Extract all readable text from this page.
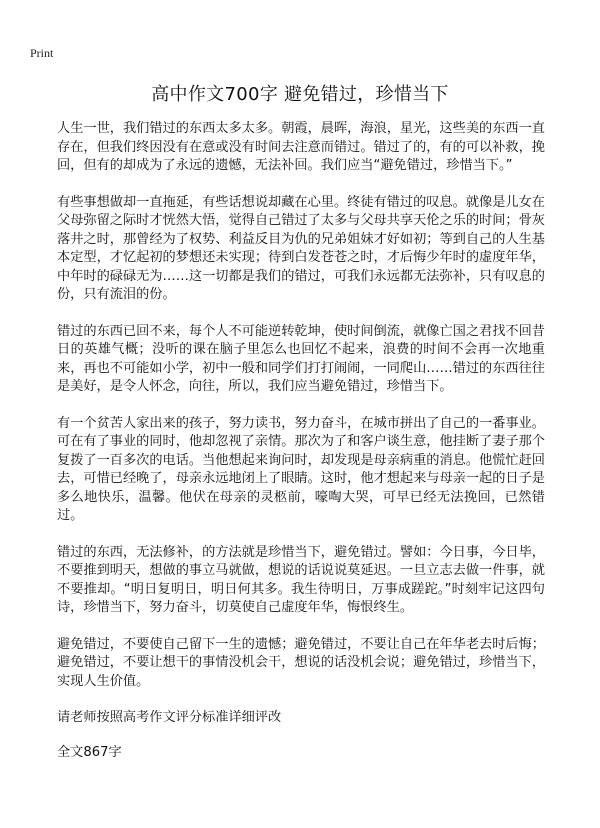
Print
高中作文700字 避免错过，珍惜当下

人生一世，我们错过的东西太多太多。朝霞，晨晖，海浪，星光，这些美的东西一直存在，但我们终因没有在意或没有时间去注意而错过。错过了的，有的可以补救，挽回，但有的却成为了永远的遗憾，无法补回。我们应当“避免错过，珍惜当下。”

有些事想做却一直拖延，有些话想说却藏在心里。终徒有错过的叹息。就像是儿女在父母弥留之际时才恍然大悟，觉得自己错过了太多与父母共享天伦之乐的时间；骨灰落井之时，那曾经为了权势、利益反目为仇的兄弟姐妹才好如初；等到自己的人生基本定型，才忆起初的梦想还未实现；待到白发苍苍之时，才后悔少年时的虚度年华，中年时的碌碌无为……这一切都是我们的错过，可我们永远都无法弥补，只有叹息的份，只有流泪的份。

错过的东西已回不来，每个人不可能逆转乾坤，使时间倒流，就像亡国之君找不回昔日的英雄气概；没听的课在脑子里怎么也回忆不起来，浪费的时间不会再一次地重来，再也不可能如小学，初中一般和同学们打打闹闹，一同爬山……错过的东西往往是美好，是令人怀念，向往，所以，我们应当避免错过，珍惜当下。

有一个贫苦人家出来的孩子，努力读书，努力奋斗，在城市拼出了自己的一番事业。可在有了事业的同时，他却忽视了亲情。那次为了和客户谈生意，他挂断了妻子那个复拨了一百多次的电话。当他想起来询问时，却发现是母亲病重的消息。他慌忙赶回去，可惜已经晚了，母亲永远地闭上了眼睛。这时，他才想起来与母亲一起的日子是多么地快乐，温馨。他伏在母亲的灵柩前，嚎啕大哭，可早已经无法挽回，已然错过。

错过的东西，无法修补，的方法就是珍惜当下，避免错过。譬如：今日事，今日毕，不要推到明天，想做的事立马就做，想说的话说说莫延迟。一旦立志去做一件事，就不要推却。“明日复明日，明日何其多。我生待明日，万事成蹉跎。”时刻牢记这四句诗，珍惜当下，努力奋斗，切莫使自己虚度年华，悔恨终生。

避免错过，不要使自己留下一生的遗憾；避免错过，不要让自己在年华老去时后悔；避免错过，不要让想干的事情没机会干，想说的话没机会说；避免错过，珍惜当下，实现人生价值。

请老师按照高考作文评分标准详细评改

全文867字
